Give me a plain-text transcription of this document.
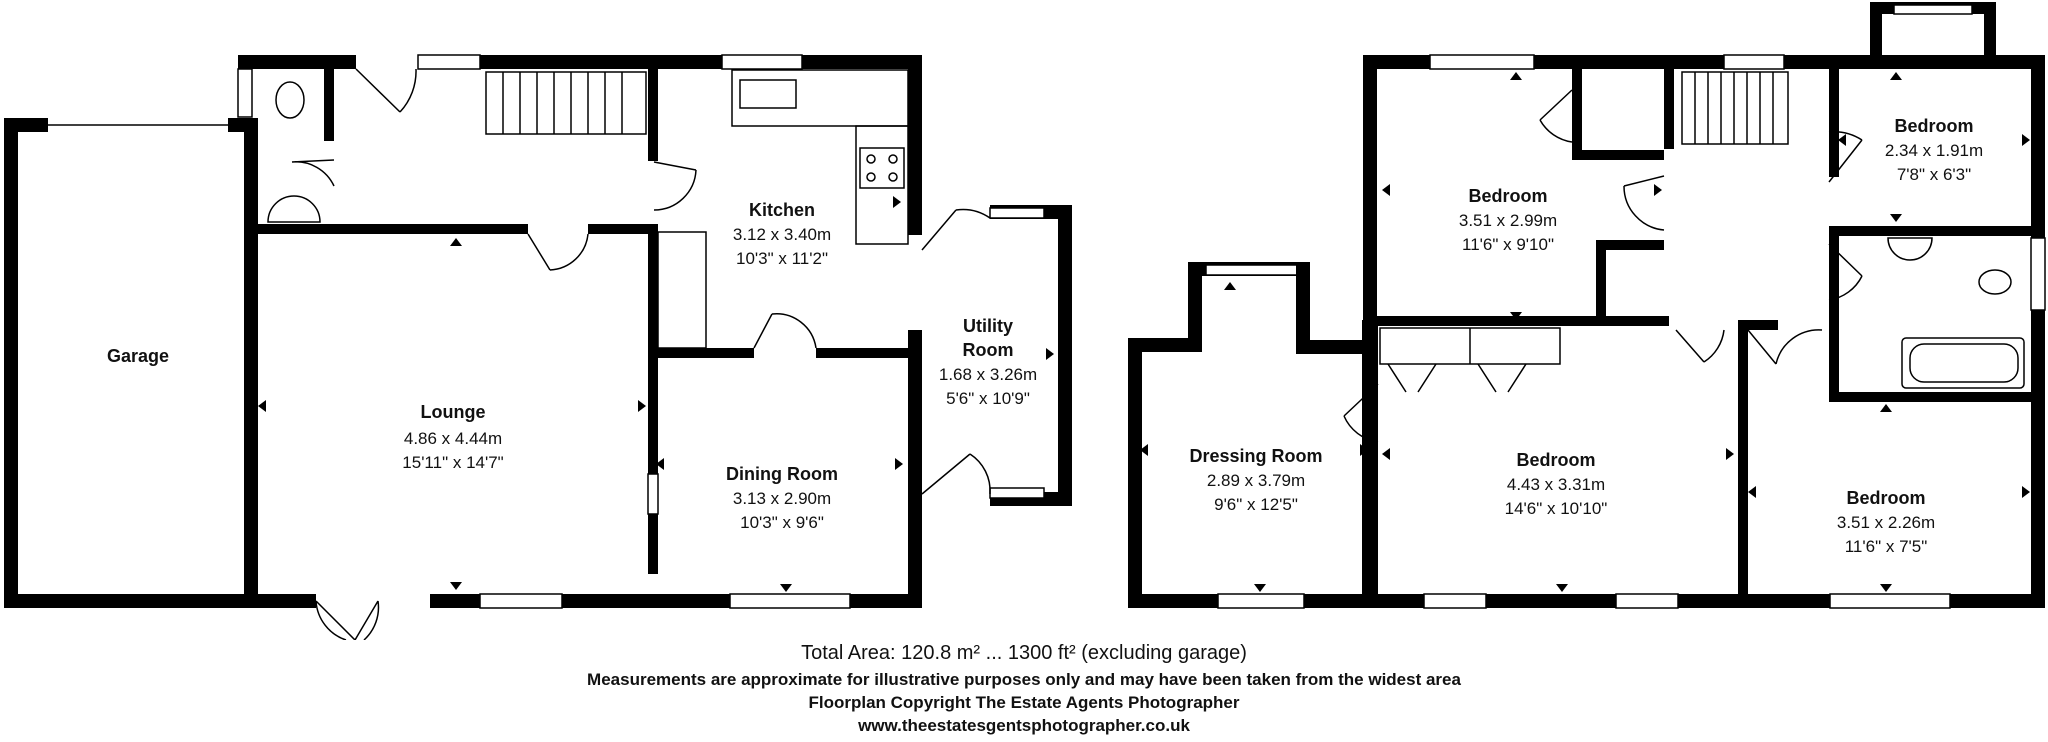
Garage
Lounge
4.86 x 4.44m
15'11" x 14'7"
Kitchen
3.12 x 3.40m
10'3" x 11'2"
Utility
Room
1.68 x 3.26m
5'6" x 10'9"
Dining Room
3.13 x 2.90m
10'3" x 9'6"
Bedroom
3.51 x 2.99m
11'6" x 9'10"
Bedroom
2.34 x 1.91m
7'8" x 6'3"
Dressing Room
2.89 x 3.79m
9'6" x 12'5"
Bedroom
4.43 x 3.31m
14'6" x 10'10"
Bedroom
3.51 x 2.26m
11'6" x 7'5"
Total Area: 120.8 m² ... 1300 ft² (excluding garage)
Measurements are approximate for illustrative purposes only and may have been taken from the widest area
Floorplan Copyright The Estate Agents Photographer
www.theestatesgentsphotographer.co.uk
